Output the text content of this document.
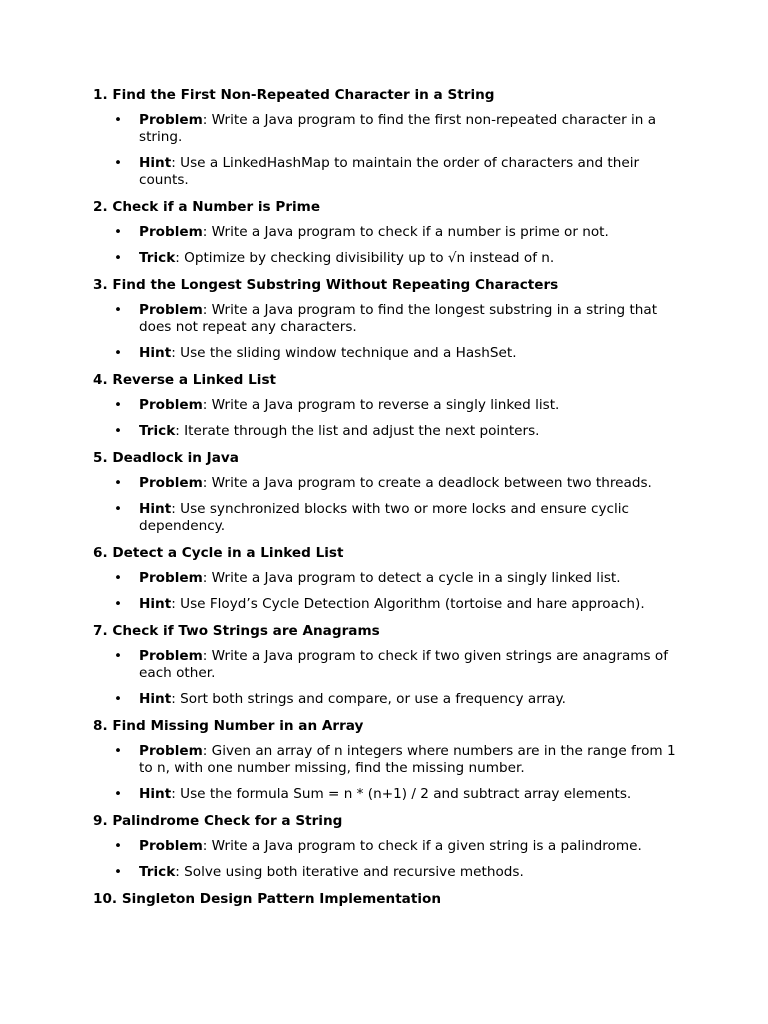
1. Find the First Non-Repeated Character in a String
• Problem: Write a Java program to find the first non-repeated character in a string.
• Hint: Use a LinkedHashMap to maintain the order of characters and their counts.
2. Check if a Number is Prime
• Problem: Write a Java program to check if a number is prime or not.
• Trick: Optimize by checking divisibility up to √n instead of n.
3. Find the Longest Substring Without Repeating Characters
• Problem: Write a Java program to find the longest substring in a string that does not repeat any characters.
• Hint: Use the sliding window technique and a HashSet.
4. Reverse a Linked List
• Problem: Write a Java program to reverse a singly linked list.
• Trick: Iterate through the list and adjust the next pointers.
5. Deadlock in Java
• Problem: Write a Java program to create a deadlock between two threads.
• Hint: Use synchronized blocks with two or more locks and ensure cyclic dependency.
6. Detect a Cycle in a Linked List
• Problem: Write a Java program to detect a cycle in a singly linked list.
• Hint: Use Floyd’s Cycle Detection Algorithm (tortoise and hare approach).
7. Check if Two Strings are Anagrams
• Problem: Write a Java program to check if two given strings are anagrams of each other.
• Hint: Sort both strings and compare, or use a frequency array.
8. Find Missing Number in an Array
• Problem: Given an array of n integers where numbers are in the range from 1 to n, with one number missing, find the missing number.
• Hint: Use the formula Sum = n * (n+1) / 2 and subtract array elements.
9. Palindrome Check for a String
• Problem: Write a Java program to check if a given string is a palindrome.
• Trick: Solve using both iterative and recursive methods.
10. Singleton Design Pattern Implementation
